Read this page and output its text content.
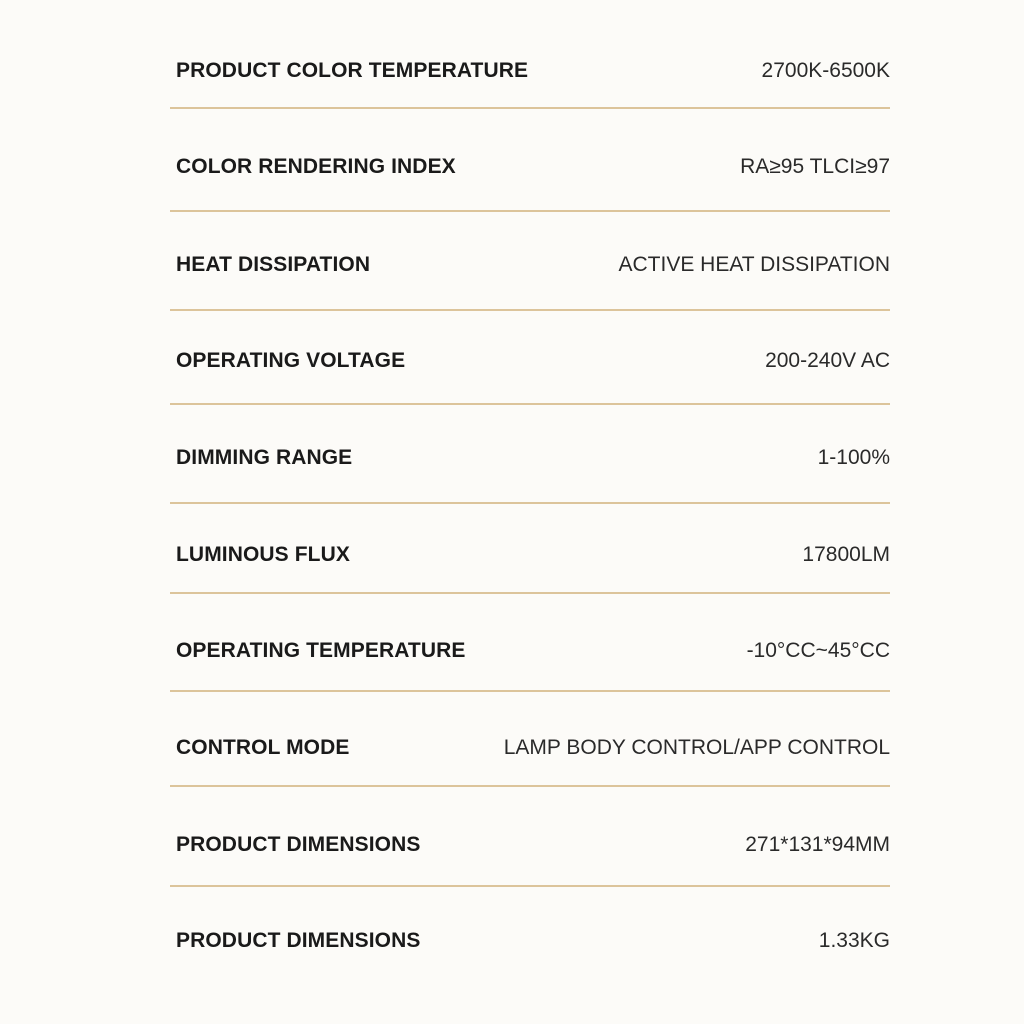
PRODUCT COLOR TEMPERATURE	2700K-6500K
COLOR RENDERING INDEX	RA≥95 TLCI≥97
HEAT DISSIPATION	ACTIVE HEAT DISSIPATION
OPERATING VOLTAGE	200-240V AC
DIMMING RANGE	1-100%
LUMINOUS FLUX	17800LM
OPERATING TEMPERATURE	-10°CC~45°CC
CONTROL MODE	LAMP BODY CONTROL/APP CONTROL
PRODUCT DIMENSIONS	271*131*94MM
PRODUCT DIMENSIONS	1.33KG
